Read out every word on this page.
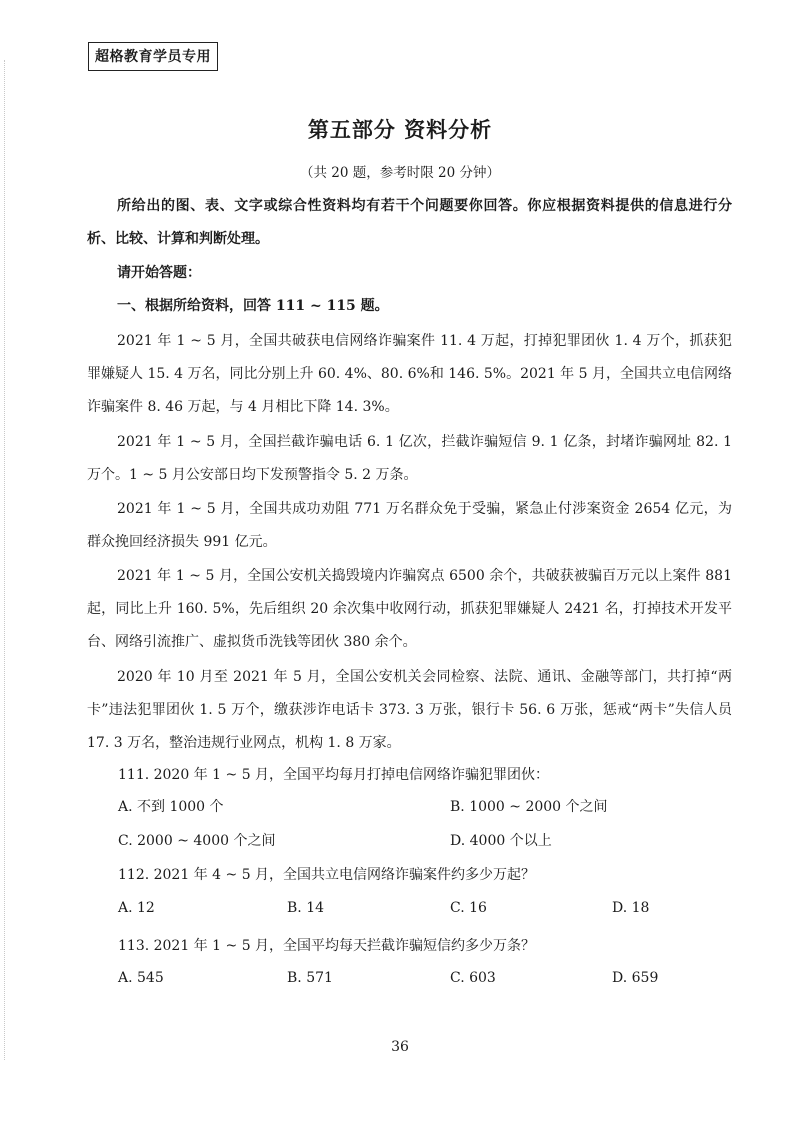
超格教育学员专用
第五部分 资料分析
（共 20 题，参考时限 20 分钟）
所给出的图、表、文字或综合性资料均有若干个问题要你回答。你应根据资料提供的信息进行分析、比较、计算和判断处理。
请开始答题：
一、根据所给资料，回答 111 ~ 115 题。
2021 年 1 ~ 5 月，全国共破获电信网络诈骗案件 11. 4 万起，打掉犯罪团伙 1. 4 万个，抓获犯罪嫌疑人 15. 4 万名，同比分别上升 60. 4%、80. 6%和 146. 5%。2021 年 5 月，全国共立电信网络诈骗案件 8. 46 万起，与 4 月相比下降 14. 3%。
2021 年 1 ~ 5 月，全国拦截诈骗电话 6. 1 亿次，拦截诈骗短信 9. 1 亿条，封堵诈骗网址 82. 1 万个。1 ~ 5 月公安部日均下发预警指令 5. 2 万条。
2021 年 1 ~ 5 月，全国共成功劝阻 771 万名群众免于受骗，紧急止付涉案资金 2654 亿元，为群众挽回经济损失 991 亿元。
2021 年 1 ~ 5 月，全国公安机关捣毁境内诈骗窝点 6500 余个，共破获被骗百万元以上案件 881 起，同比上升 160. 5%，先后组织 20 余次集中收网行动，抓获犯罪嫌疑人 2421 名，打掉技术开发平台、网络引流推广、虚拟货币洗钱等团伙 380 余个。
2020 年 10 月至 2021 年 5 月，全国公安机关会同检察、法院、通讯、金融等部门，共打掉“两卡”违法犯罪团伙 1. 5 万个，缴获涉诈电话卡 373. 3 万张，银行卡 56. 6 万张，惩戒“两卡”失信人员 17. 3 万名，整治违规行业网点，机构 1. 8 万家。
111. 2020 年 1 ~ 5 月，全国平均每月打掉电信网络诈骗犯罪团伙：
A. 不到 1000 个	B. 1000 ~ 2000 个之间
C. 2000 ~ 4000 个之间	D. 4000 个以上
112. 2021 年 4 ~ 5 月，全国共立电信网络诈骗案件约多少万起？
A. 12	B. 14	C. 16	D. 18
113. 2021 年 1 ~ 5 月，全国平均每天拦截诈骗短信约多少万条？
A. 545	B. 571	C. 603	D. 659
36
